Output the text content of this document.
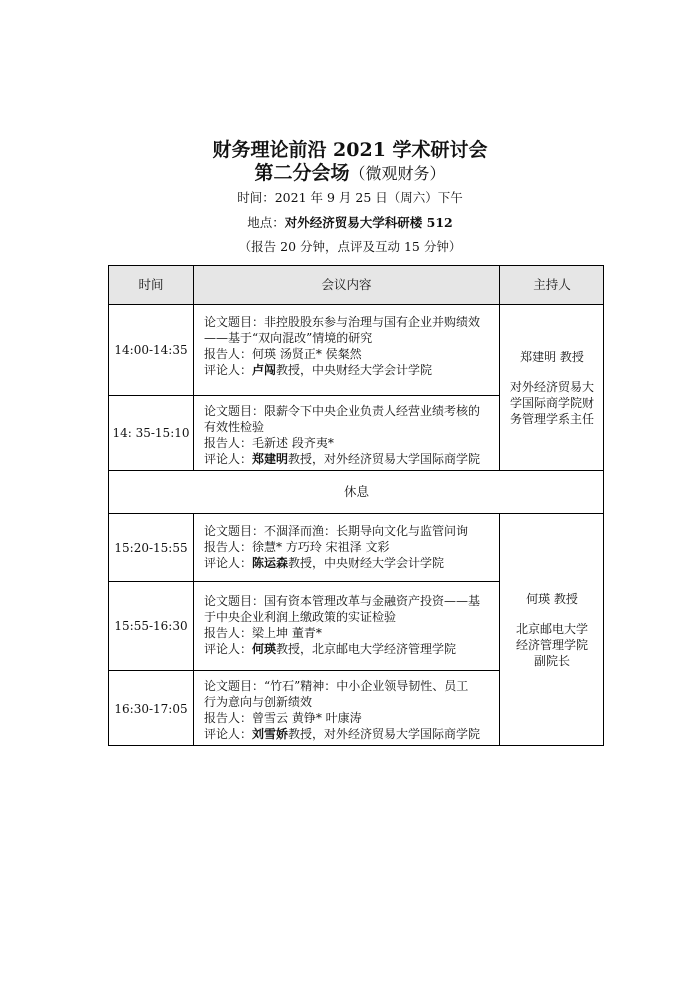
财务理论前沿 2021 学术研讨会
第二分会场（微观财务）
时间：2021 年 9 月 25 日（周六）下午
地点：对外经济贸易大学科研楼 512
（报告 20 分钟，点评及互动 15 分钟）
时间	会议内容	主持人
14:00-14:35
论文题目：非控股股东参与治理与国有企业并购绩效
——基于“双向混改”情境的研究
报告人：何瑛 汤贤正* 侯粲然
评论人：卢闯教授，中央财经大学会计学院
14: 35-15:10
论文题目：限薪令下中央企业负责人经营业绩考核的
有效性检验
报告人：毛新述 段齐夷*
评论人：郑建明教授，对外经济贸易大学国际商学院
郑建明 教授
对外经济贸易大
学国际商学院财
务管理学系主任
休息
15:20-15:55
论文题目：不涸泽而渔：长期导向文化与监管问询
报告人：徐慧* 方巧玲 宋祖泽 文彩
评论人：陈运森教授，中央财经大学会计学院
15:55-16:30
论文题目：国有资本管理改革与金融资产投资——基
于中央企业利润上缴政策的实证检验
报告人：梁上坤 董青*
评论人：何瑛教授，北京邮电大学经济管理学院
16:30-17:05
论文题目：“竹石”精神：中小企业领导韧性、员工
行为意向与创新绩效
报告人：曾雪云 黄铮* 叶康涛
评论人：刘雪娇教授，对外经济贸易大学国际商学院
何瑛 教授
北京邮电大学
经济管理学院
副院长
